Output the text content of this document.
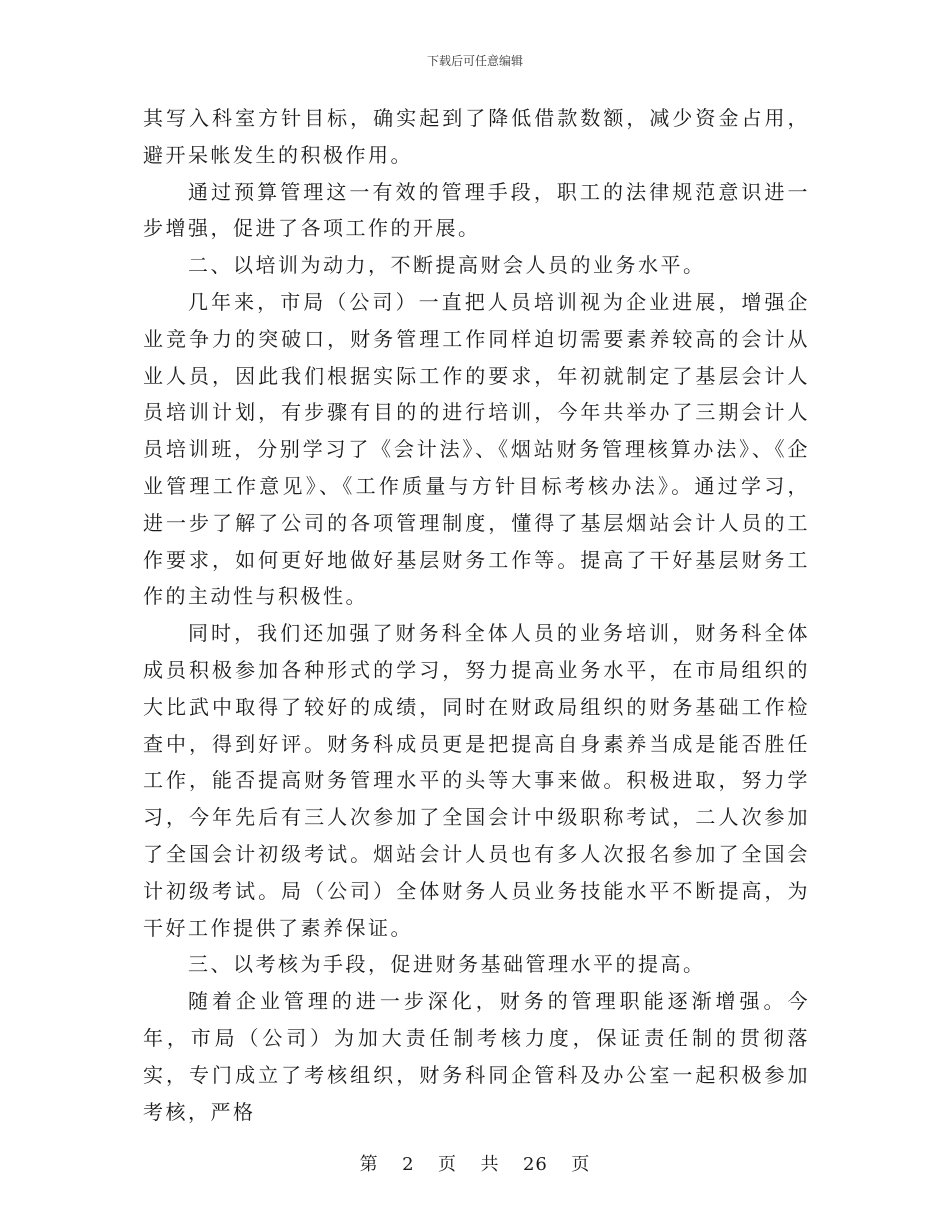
下载后可任意编辑

其写入科室方针目标，确实起到了降低借款数额，减少资金占用，避开呆帐发生的积极作用。

通过预算管理这一有效的管理手段，职工的法律规范意识进一步增强，促进了各项工作的开展。

二、以培训为动力，不断提高财会人员的业务水平。

几年来，市局（公司）一直把人员培训视为企业进展，增强企业竞争力的突破口，财务管理工作同样迫切需要素养较高的会计从业人员，因此我们根据实际工作的要求，年初就制定了基层会计人员培训计划，有步骤有目的的进行培训，今年共举办了三期会计人员培训班，分别学习了《会计法》、《烟站财务管理核算办法》、《企业管理工作意见》、《工作质量与方针目标考核办法》。通过学习，进一步了解了公司的各项管理制度，懂得了基层烟站会计人员的工作要求，如何更好地做好基层财务工作等。提高了干好基层财务工作的主动性与积极性。

同时，我们还加强了财务科全体人员的业务培训，财务科全体成员积极参加各种形式的学习，努力提高业务水平，在市局组织的大比武中取得了较好的成绩，同时在财政局组织的财务基础工作检查中，得到好评。财务科成员更是把提高自身素养当成是能否胜任工作，能否提高财务管理水平的头等大事来做。积极进取，努力学习，今年先后有三人次参加了全国会计中级职称考试，二人次参加了全国会计初级考试。烟站会计人员也有多人次报名参加了全国会计初级考试。局（公司）全体财务人员业务技能水平不断提高，为干好工作提供了素养保证。

三、以考核为手段，促进财务基础管理水平的提高。

随着企业管理的进一步深化，财务的管理职能逐渐增强。今年，市局（公司）为加大责任制考核力度，保证责任制的贯彻落实，专门成立了考核组织，财务科同企管科及办公室一起积极参加考核，严格

第 2 页 共 26 页
